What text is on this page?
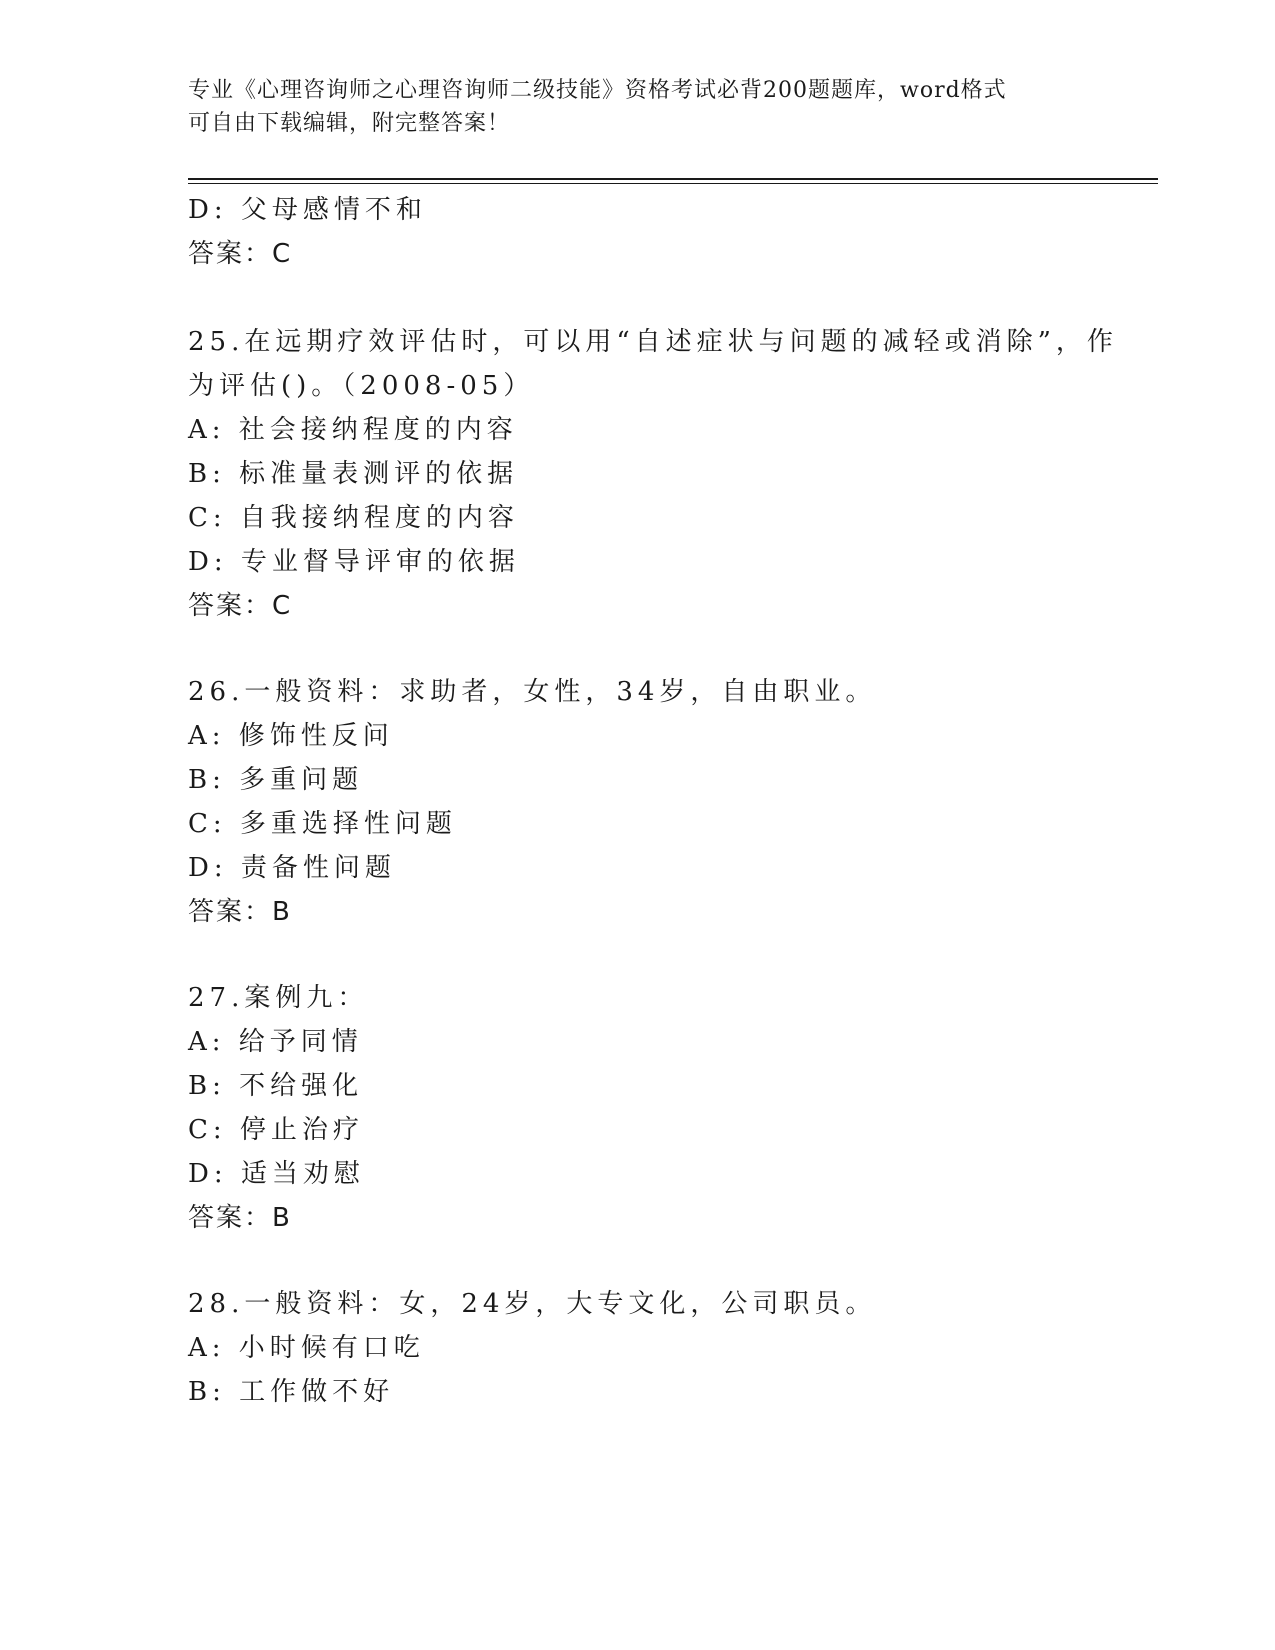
专业《心理咨询师之心理咨询师二级技能》资格考试必背200题题库，word格式
可自由下载编辑，附完整答案！
D: 父母感情不和
答案：C
25.在远期疗效评估时，可以用“自述症状与问题的减轻或消除”，作
为评估()。（2008-05）
A: 社会接纳程度的内容
B: 标准量表测评的依据
C: 自我接纳程度的内容
D: 专业督导评审的依据
答案：C
26.一般资料：求助者，女性，34岁，自由职业。
A: 修饰性反问
B: 多重问题
C: 多重选择性问题
D: 责备性问题
答案：B
27.案例九：
A: 给予同情
B: 不给强化
C: 停止治疗
D: 适当劝慰
答案：B
28.一般资料：女，24岁，大专文化，公司职员。
A: 小时候有口吃
B: 工作做不好
